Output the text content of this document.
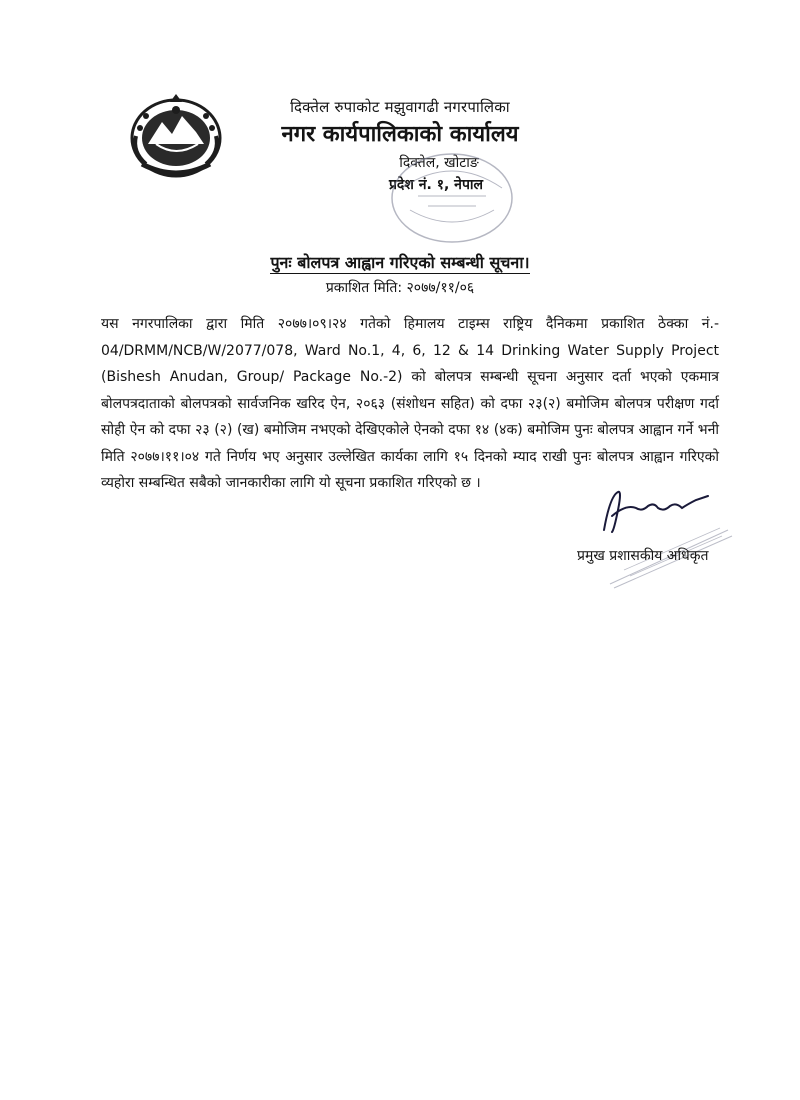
दिक्तेल रुपाकोट मझुवागढी नगरपालिका
नगर कार्यपालिकाको कार्यालय
दिक्तेल, खोटाङ
प्रदेश नं. १, नेपाल
पुनः बोलपत्र आह्वान गरिएको सम्बन्धी सूचना।
प्रकाशित मिति: २०७७/११/०६

यस नगरपालिका द्वारा मिति २०७७।०९।२४ गतेको हिमालय टाइम्स राष्ट्रिय दैनिकमा प्रकाशित ठेक्का नं.- 04/DRMM/NCB/W/2077/078, Ward No.1, 4, 6, 12 & 14 Drinking Water Supply Project (Bishesh Anudan, Group/ Package No.-2) को बोलपत्र सम्बन्धी सूचना अनुसार दर्ता भएको एकमात्र बोलपत्रदाताको बोलपत्रको सार्वजनिक खरिद ऐन, २०६३ (संशोधन सहित) को दफा २३(२) बमोजिम बोलपत्र परीक्षण गर्दा सोही ऐन को दफा २३ (२) (ख) बमोजिम नभएको देखिएकोले ऐनको दफा १४ (४क) बमोजिम पुनः बोलपत्र आह्वान गर्ने भनी मिति २०७७।११।०४ गते निर्णय भए अनुसार उल्लेखित कार्यका लागि १५ दिनको म्याद राखी पुनः बोलपत्र आह्वान गरिएको व्यहोरा सम्बन्धित सबैको जानकारीका लागि यो सूचना प्रकाशित गरिएको छ ।

प्रमुख प्रशासकीय अधिकृत
